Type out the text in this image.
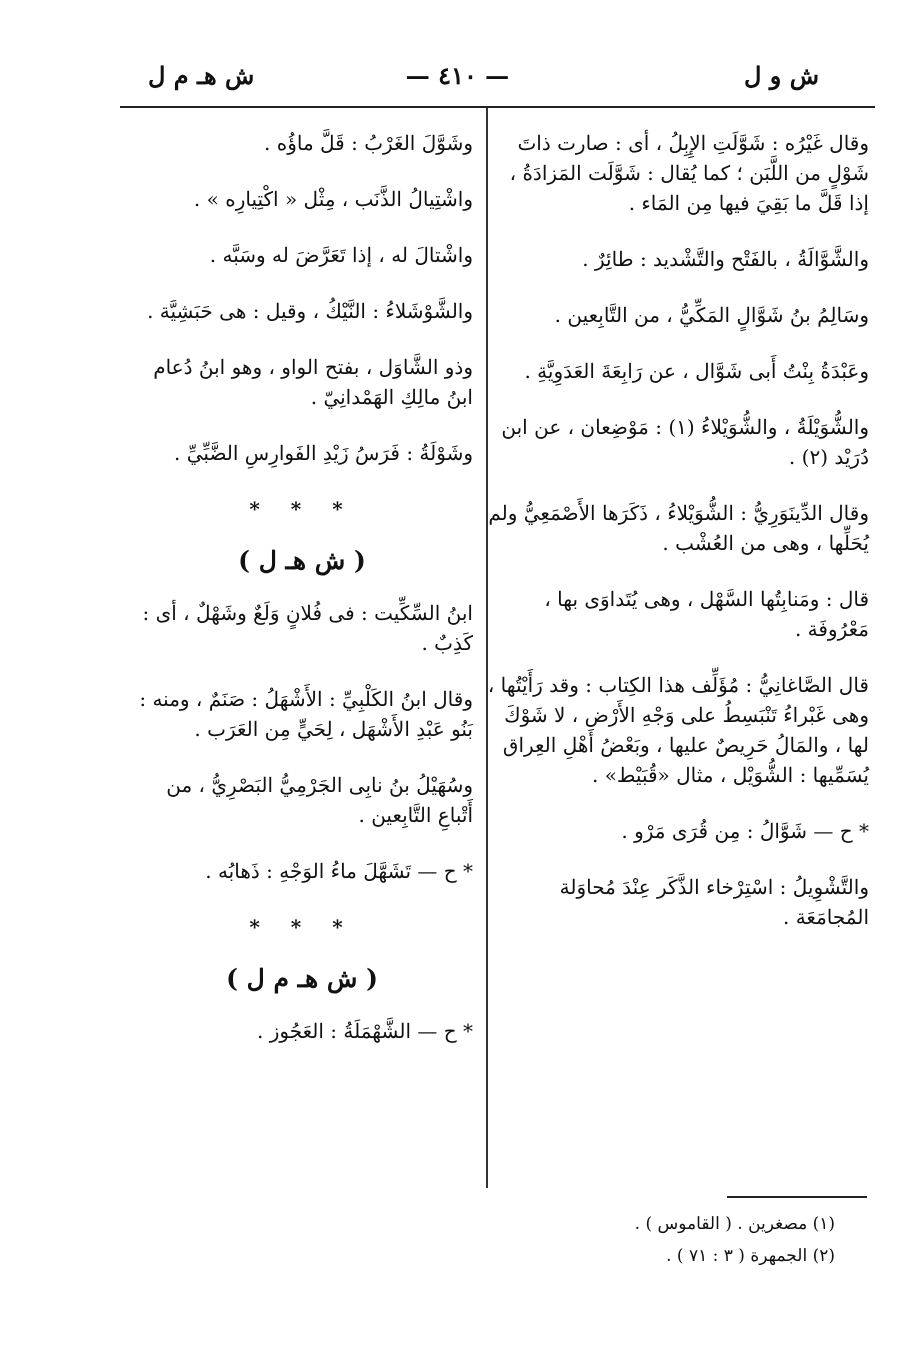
ش و ل
— ٤١٠ —
ش هـ م ل

وقال غَيْرُه : شَوَّلَتِ الإِبِلُ ، أى : صارت ذاتَ شَوْلٍ من اللَّبَن ؛ كما يُقال : شَوَّلَت المَزادَةُ ، إذا قَلَّ ما بَقِيَ فيها مِن المَاء .

والشَّوَّالَةُ ، بالفَتْح والتَّشْديد : طائِرٌ .

وسَالِمُ بنُ شَوَّالٍ المَكِّيُّ ، من التَّابِعين .

وعَبْدَةُ بِنْتُ أَبى شَوَّال ، عن رَابِعَةَ العَدَوِيَّةِ .

والشُّوَيْلَةُ ، والشُّوَيْلاءُ (١) : مَوْضِعان ، عن ابن دُرَيْد (٢) .

وقال الدِّينَوَرِيُّ : الشُّوَيْلاءُ ، ذَكَرَها الأَصْمَعِيُّ ولم يُحَلِّها ، وهى من العُشْب .

قال : ومَنابِتُها السَّهْل ، وهى يُتَداوَى بها ، مَعْرُوفَة .

قال الصَّاغانِيُّ : مُؤَلِّف هذا الكِتاب : وقد رَأَيْتُها ، وهى غَبْراءُ تَنْبَسِطُ على وَجْهِ الأَرْض ، لا شَوْكَ لها ، والمَالُ حَرِيصٌ عليها ، وبَعْضُ أَهْلِ العِراق يُسَمِّيها : الشُّوَيْل ، مثال «قُبَيْط» .

* ح — شَوَّالُ : مِن قُرَى مَرْو .

والتَّشْوِيلُ : اسْتِرْخاء الذَّكَر عِنْدَ مُحاوَلة المُجامَعَة .

وشَوَّلَ الغَرْبُ : قَلَّ ماؤُه .

واشْتِيالُ الذَّنَب ، مِثْل « اكْتِيارِه » .

واشْتالَ له ، إذا تَعَرَّضَ له وسَبَّه .

والشَّوْشَلاءُ : النَّيْكُ ، وقيل : هى حَبَشِيَّة .

وذو الشَّاوَل ، بفتح الواو ، وهو ابنُ دُعام ابنُ مالِكِ الهَمْدانِيّ .

وشَوْلَةُ : فَرَسُ زَيْدِ الفَوارِسِ الضَّبِّيِّ .

* * *

( ش هـ ل )

ابنُ السِّكِّيت : فى فُلانٍ وَلَعٌ وشَهْلٌ ، أى : كَذِبٌ .

وقال ابنُ الكَلْبِيِّ : الأَشْهَلُ : صَنَمٌ ، ومنه : بَنُو عَبْدِ الأَشْهَل ، لِحَيٍّ مِن العَرَب .

وسُهَيْلُ بنُ نابِى الجَرْمِيُّ البَصْرِيُّ ، من أَتْباعِ التَّابِعين .

* ح — تَشَهَّلَ ماءُ الوَجْهِ : ذَهابُه .

* * *

( ش هـ م ل )

* ح — الشَّهْمَلَةُ : العَجُوز .

(١) مصغرين . ( القاموس ) .
(٢) الجمهرة ( ٣ : ٧١ ) .
